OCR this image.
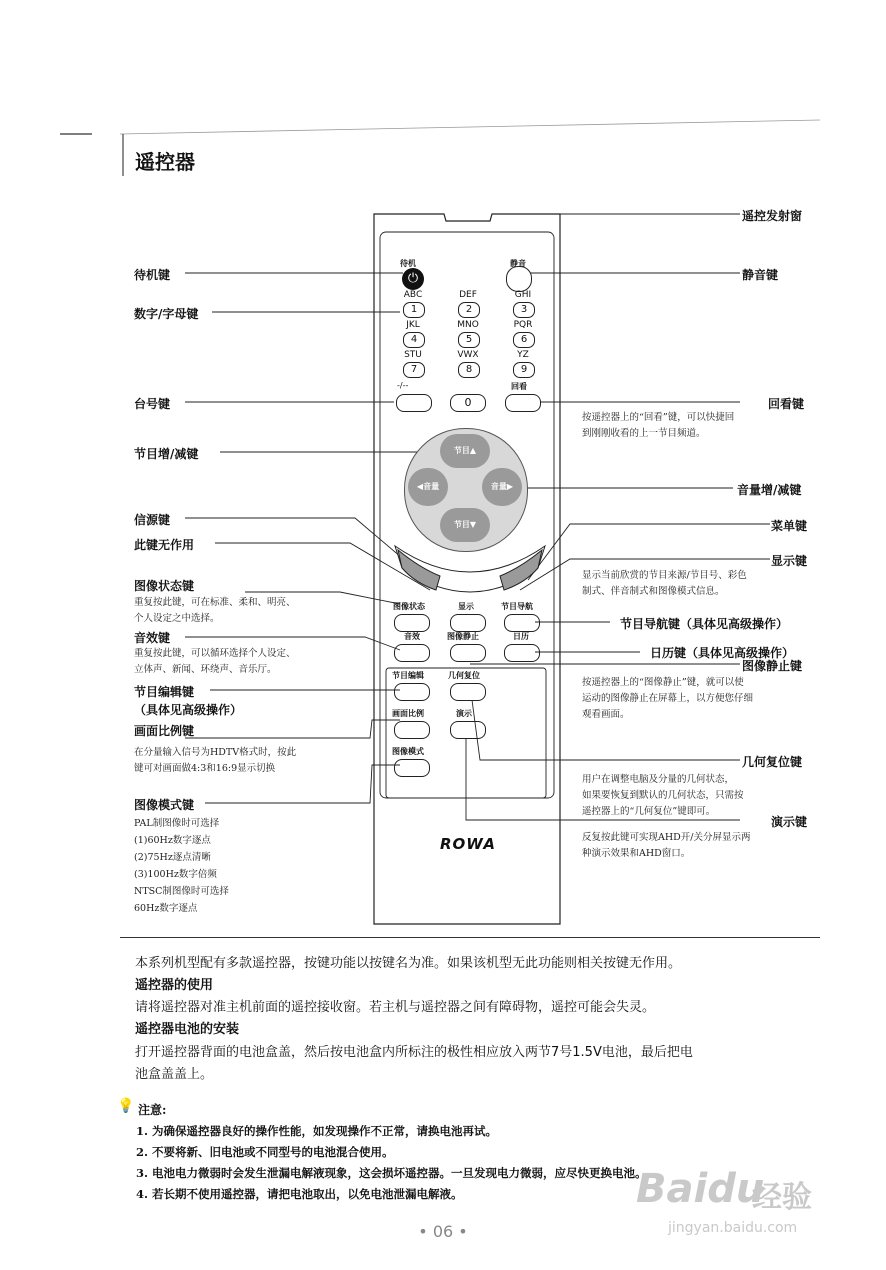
遥控器
待机
⏻
静音
ABC	DEF	GHI
1	2	3
JKL	MNO	PQR
4	5	6
STU	VWX	YZ
7	8	9
-/--
0
回看
节目▲
节目▼
◀音量	音量▶
信源	菜单
图像状态	显示	节目导航
音效	图像静止	日历
节目编辑	几何复位
画面比例	演示
图像模式
ROWA
遥控发射窗
待机键	静音键
数字/字母键
台号键	回看键
按遥控器上的“回看”键，可以快捷回
到刚刚收看的上一节目频道。
节目增/减键
音量增/减键
信源键	菜单键
此键无作用
显示键
显示当前欣赏的节目来源/节目号、彩色
制式、伴音制式和图像模式信息。
图像状态键
重复按此键，可在标准、柔和、明亮、
个人设定之中选择。	节目导航键（具体见高级操作）
音效键
重复按此键，可以循环选择个人设定、
立体声、新闻、环绕声、音乐厅。
日历键（具体见高级操作）
图像静止键
按遥控器上的“图像静止”键，就可以使
运动的图像静止在屏幕上，以方便您仔细
观看画面。
节目编辑键
（具体见高级操作）
画面比例键
在分量输入信号为HDTV格式时，按此
键可对画面做4:3和16:9显示切换	几何复位键
用户在调整电脑及分量的几何状态，
如果要恢复到默认的几何状态，只需按
遥控器上的“几何复位”键即可。
图像模式键
PAL制图像时可选择
(1)60Hz数字逐点
(2)75Hz逐点清晰
(3)100Hz数字倍频
NTSC制图像时可选择
60Hz数字逐点
演示键
反复按此键可实现AHD开/关分屏显示两
种演示效果和AHD窗口。
本系列机型配有多款遥控器，按键功能以按键名为准。如果该机型无此功能则相关按键无作用。
遥控器的使用
请将遥控器对准主机前面的遥控接收窗。若主机与遥控器之间有障碍物，遥控可能会失灵。
遥控器电池的安装
打开遥控器背面的电池盒盖，然后按电池盒内所标注的极性相应放入两节7号1.5V电池，最后把电
池盒盖盖上。
💡 注意:
1. 为确保遥控器良好的操作性能，如发现操作不正常，请换电池再试。
2. 不要将新、旧电池或不同型号的电池混合使用。
3. 电池电力微弱时会发生泄漏电解液现象，这会损坏遥控器。一旦发现电力微弱，应尽快更换电池。
4. 若长期不使用遥控器，请把电池取出，以免电池泄漏电解液。
• 06 •
Baidu
经验
jingyan.baidu.com
